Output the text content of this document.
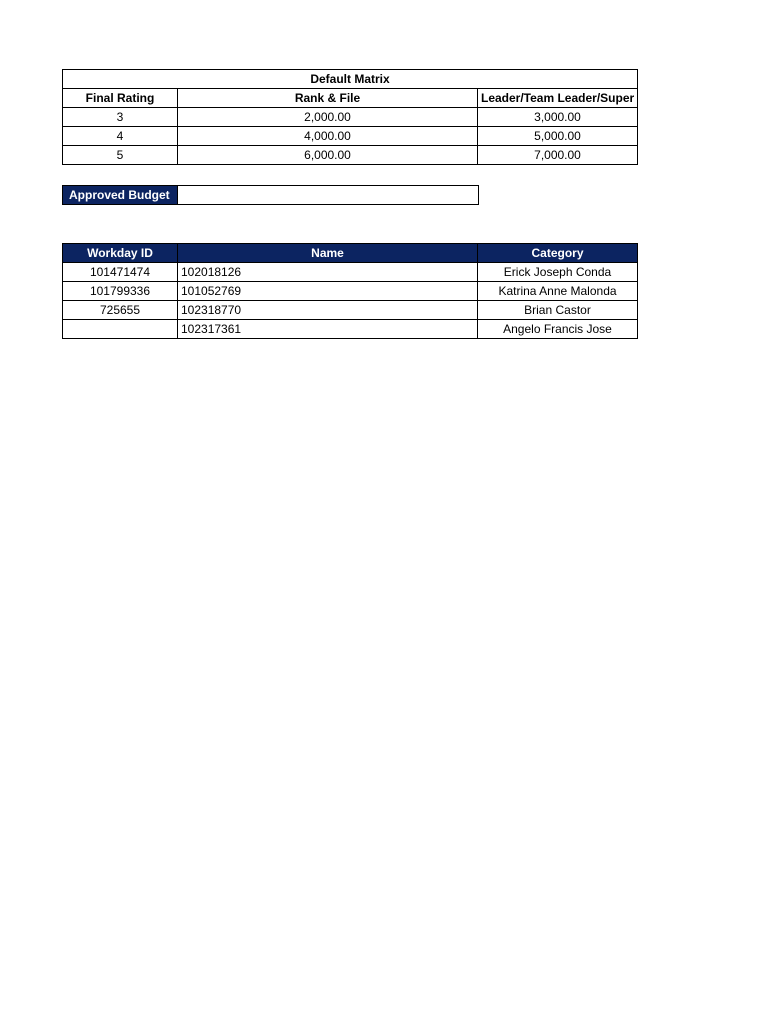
Default Matrix		
Final Rating	Rank & File	Leader/Team Leader/Super
3	2,000.00	3,000.00
4	4,000.00	5,000.00
5	6,000.00	7,000.00
Approved Budget	
Workday ID	Name	Category
101471474	102018126	Erick Joseph Conda
101799336	101052769	Katrina Anne Malonda
725655	102318770	Brian Castor
	102317361	Angelo Francis Jose
